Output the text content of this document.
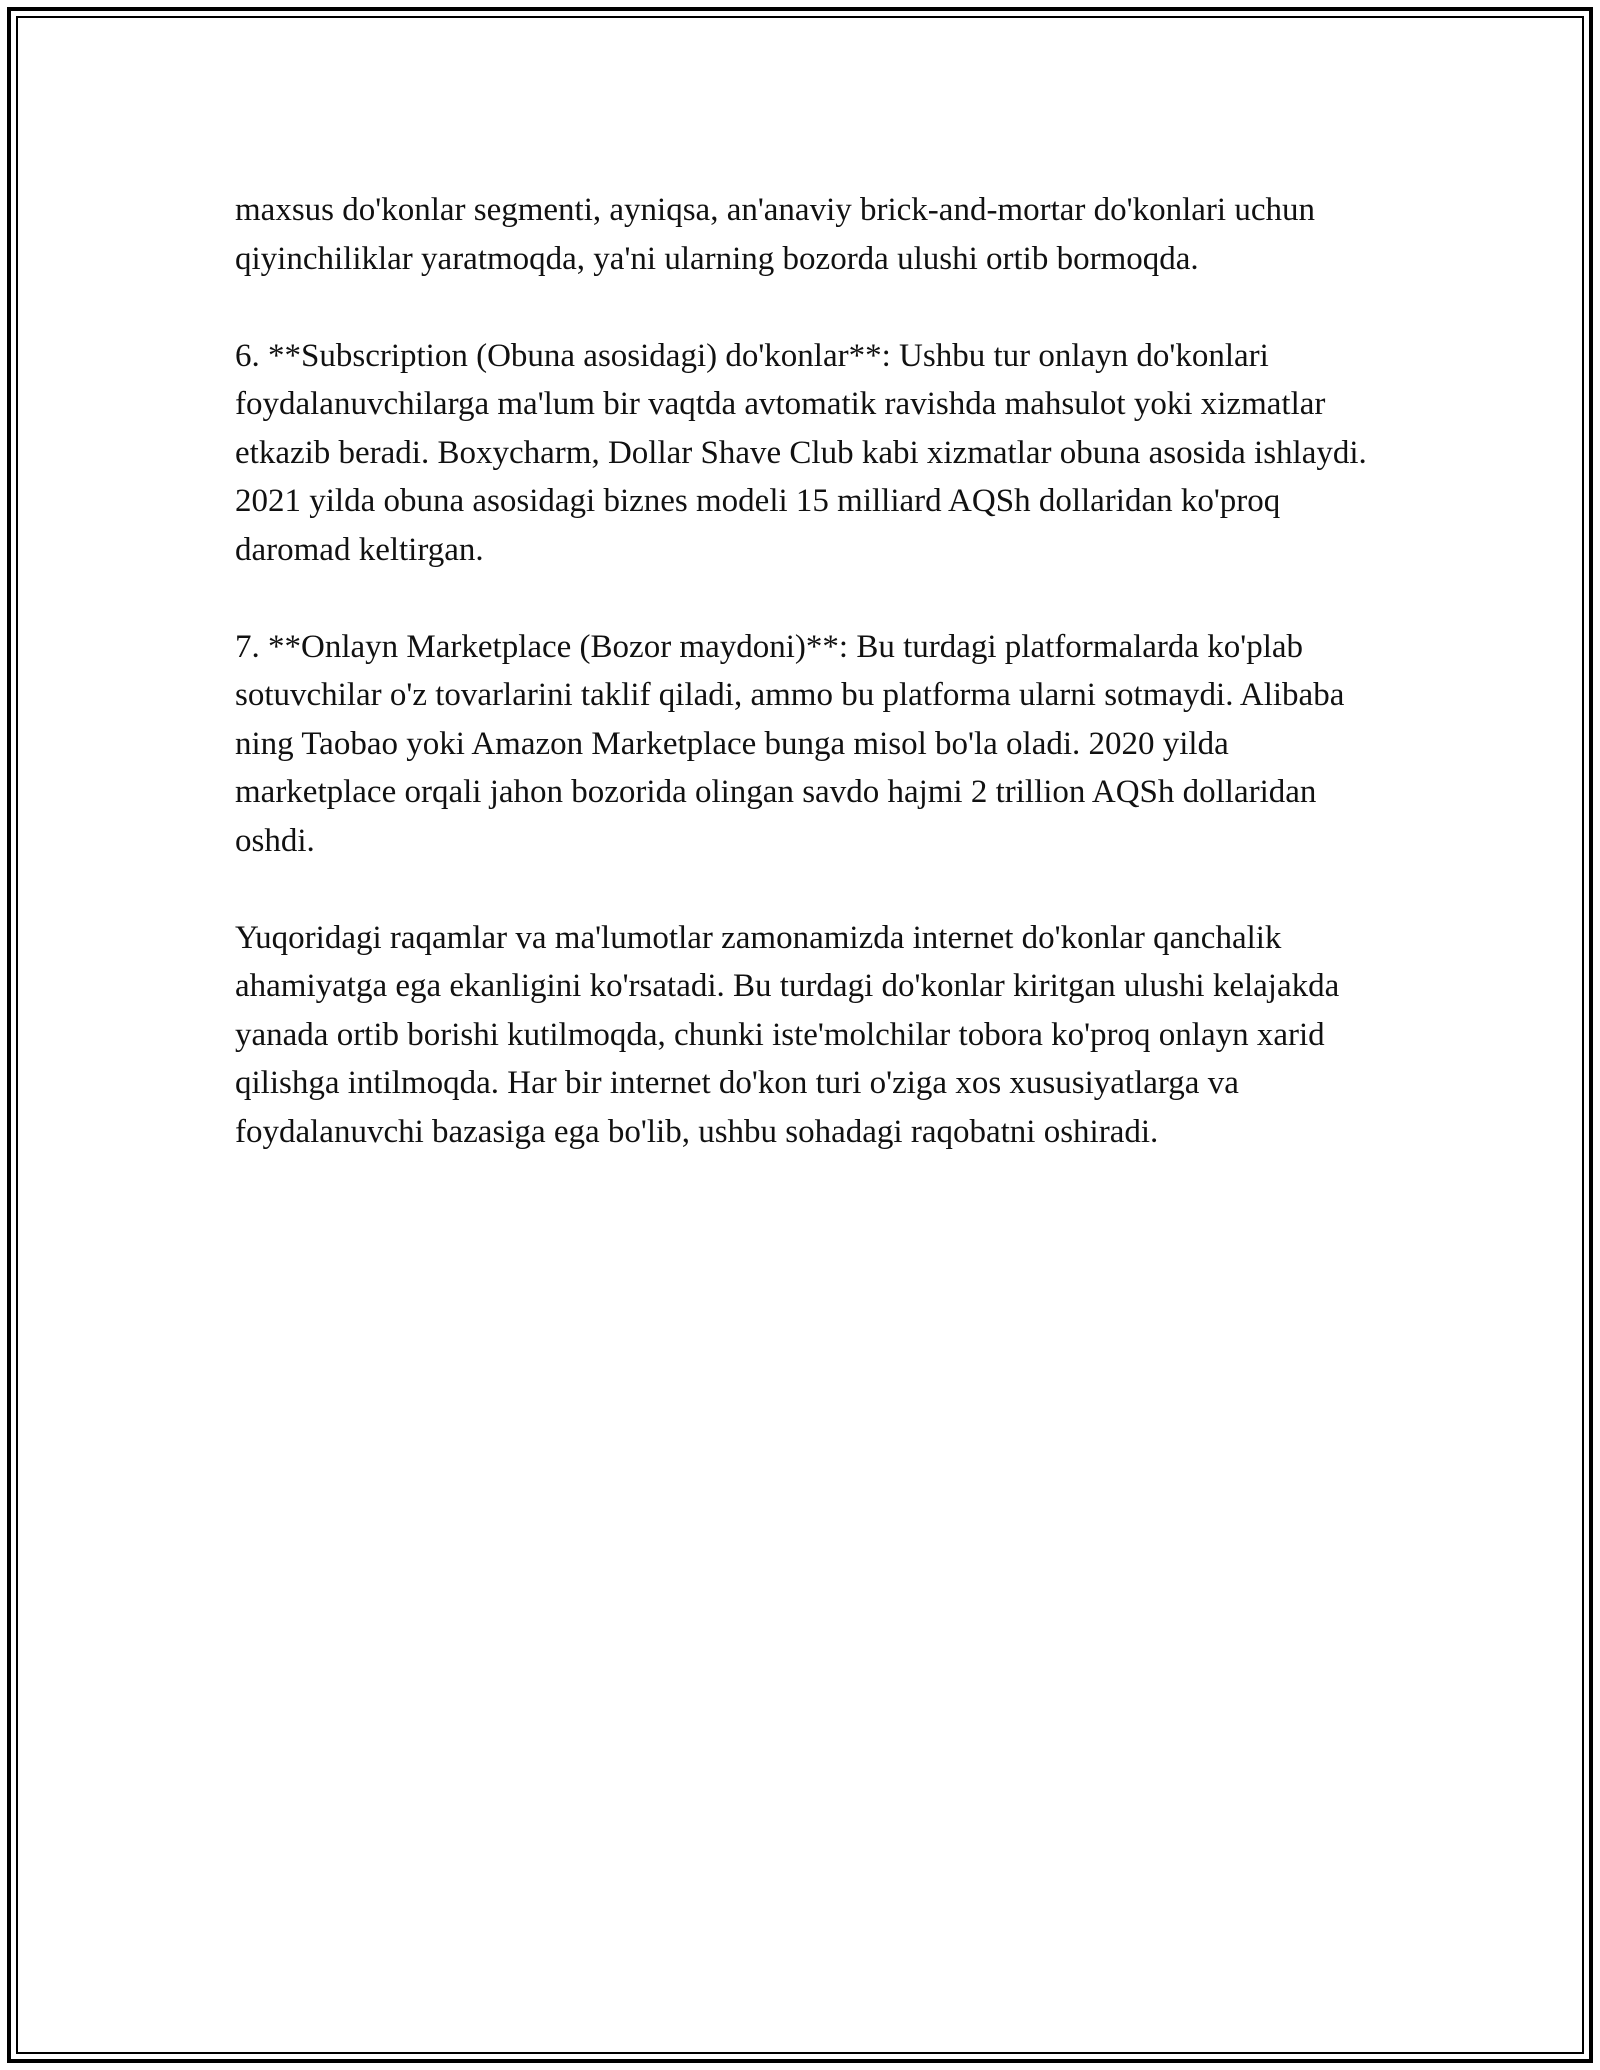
maxsus do'konlar segmenti, ayniqsa, an'anaviy brick-and-mortar do'konlari uchun qiyinchiliklar yaratmoqda, ya'ni ularning bozorda ulushi ortib bormoqda.

6. **Subscription (Obuna asosidagi) do'konlar**: Ushbu tur onlayn do'konlari foydalanuvchilarga ma'lum bir vaqtda avtomatik ravishda mahsulot yoki xizmatlar etkazib beradi. Boxycharm, Dollar Shave Club kabi xizmatlar obuna asosida ishlaydi. 2021 yilda obuna asosidagi biznes modeli 15 milliard AQSh dollaridan ko'proq daromad keltirgan.

7. **Onlayn Marketplace (Bozor maydoni)**: Bu turdagi platformalarda ko'plab sotuvchilar o'z tovarlarini taklif qiladi, ammo bu platforma ularni sotmaydi. Alibaba ning Taobao yoki Amazon Marketplace bunga misol bo'la oladi. 2020 yilda marketplace orqali jahon bozorida olingan savdo hajmi 2 trillion AQSh dollaridan oshdi.

Yuqoridagi raqamlar va ma'lumotlar zamonamizda internet do'konlar qanchalik ahamiyatga ega ekanligini ko'rsatadi. Bu turdagi do'konlar kiritgan ulushi kelajakda yanada ortib borishi kutilmoqda, chunki iste'molchilar tobora ko'proq onlayn xarid qilishga intilmoqda. Har bir internet do'kon turi o'ziga xos xususiyatlarga va foydalanuvchi bazasiga ega bo'lib, ushbu sohadagi raqobatni oshiradi.
